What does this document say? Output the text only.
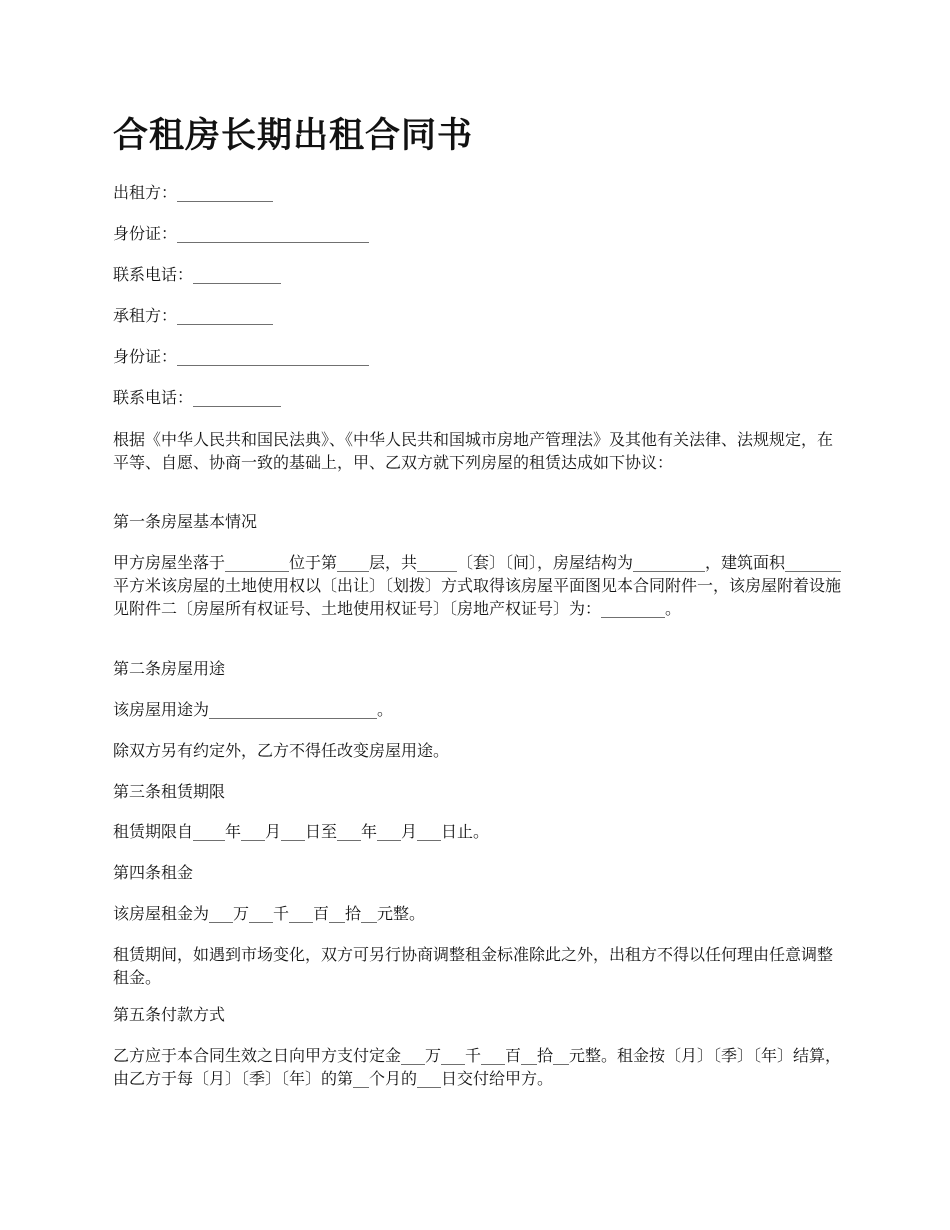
合租房长期出租合同书
出租方：____________
身份证：________________________
联系电话：___________
承租方：____________
身份证：________________________
联系电话：___________
根据《中华人民共和国民法典》、《中华人民共和国城市房地产管理法》及其他有关法律、法规规定，在平等、自愿、协商一致的基础上，甲、乙双方就下列房屋的租赁达成如下协议：
第一条房屋基本情况
甲方房屋坐落于________位于第____层，共_____〔套〕〔间〕，房屋结构为_________，建筑面积_______平方米该房屋的土地使用权以〔出让〕〔划拨〕方式取得该房屋平面图见本合同附件一，该房屋附着设施见附件二〔房屋所有权证号、土地使用权证号〕〔房地产权证号〕为：________。
第二条房屋用途
该房屋用途为_____________________。
除双方另有约定外，乙方不得任改变房屋用途。
第三条租赁期限
租赁期限自____年___月___日至___年___月___日止。
第四条租金
该房屋租金为___万___千___百__拾__元整。
租赁期间，如遇到市场变化，双方可另行协商调整租金标准除此之外，出租方不得以任何理由任意调整租金。
第五条付款方式
乙方应于本合同生效之日向甲方支付定金___万___千___百__拾__元整。租金按〔月〕〔季〕〔年〕结算，由乙方于每〔月〕〔季〕〔年〕的第__个月的___日交付给甲方。
